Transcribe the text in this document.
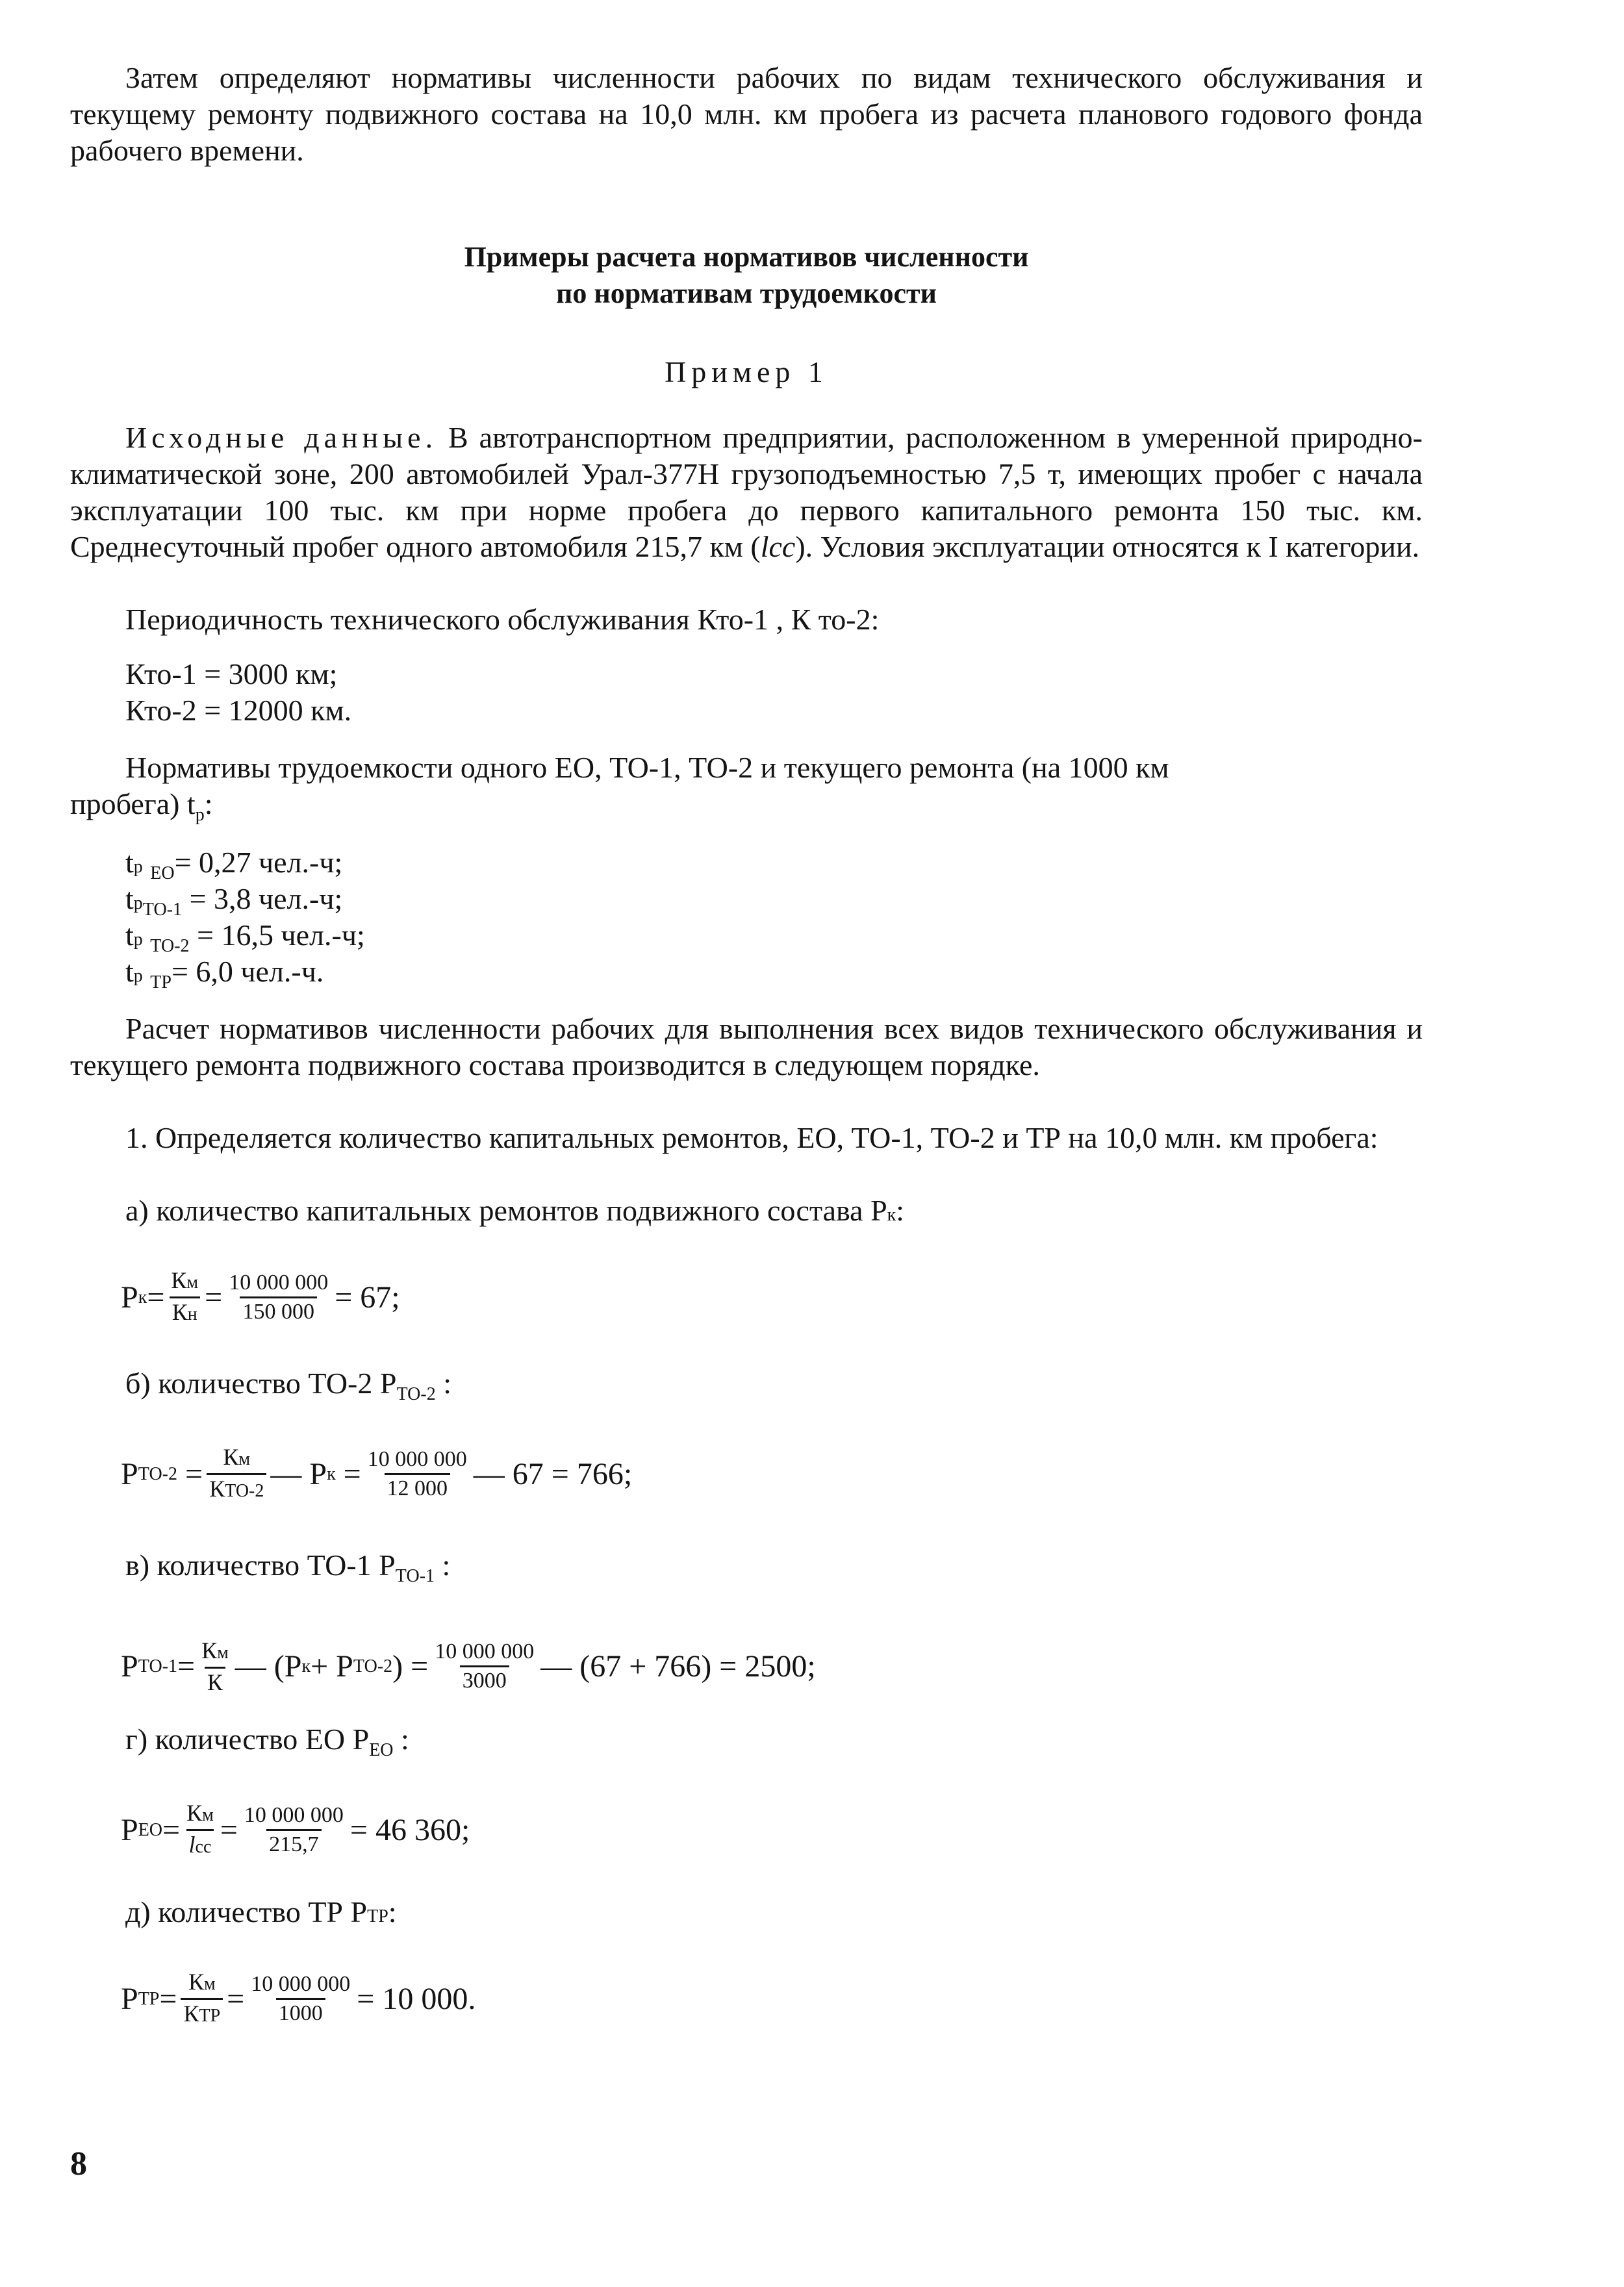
Затем определяют нормативы численности рабочих по видам технического обслуживания и текущему ремонту подвижного состава на 10,0 млн. км пробега из расчета планового годового фонда рабочего времени.

Примеры расчета нормативов численности
по нормативам трудоемкости
Пример 1

Исходные данные. В автотранспортном предприятии, расположенном в умеренной природно-климатической зоне, 200 автомобилей Урал-377Н грузоподъемностью 7,5 т, имеющих пробег с начала эксплуатации 100 тыс. км при норме пробега до первого капитального ремонта 150 тыс. км. Среднесуточный пробег одного автомобиля 215,7 км (lсс). Условия эксплуатации относятся к I категории.

Периодичность технического обслуживания Кто-1 , К то-2:
Кто-1 = 3000 км;
Кто-2 = 12000 км.
Нормативы трудоемкости одного ЕО, ТО-1, ТО-2 и текущего ремонта (на 1000 км
пробега) $t_р$:
tр $_{ЕО}$= 0,27 чел.-ч;
$tр_{ТО-1} = 3,8$ чел.-ч;
tр $_{ТО-2}$ = 16,5 чел.-ч;
tр $_{ТР}$= 6,0 чел.-ч.

Расчет нормативов численности рабочих для выполнения всех видов технического обслуживания и текущего ремонта подвижного состава производится в следующем порядке.

1. Определяется количество капитальных ремонтов, ЕО, ТО-1, ТО-2 и ТР на 10,0 млн. км пробега:

а) количество капитальных ремонтов подвижного состава Рк:
Р $к = \frac{Км}{Кн} = \frac{10 000 000}{150 000} = 67$;
б) количество ТО-2 $Р_{ТО-2}$ :
Р ТО-2
= $\frac{Км}{\text{КТО-2}}$ — Р к
= $\frac{10 000 000}{12 000}$ — 67 = 766;
в) количество ТО-1 $Р_{ТО-1}$ :
Р $ТО-1 = \frac{Км}{К}$ — (Р к + Р ТО-2 ) = $\frac{10 000 000}{3000}$ — (67 + 766) = 2500;
г) количество ЕО $Р_{ЕО}$ :
Р ЕО = $\frac{Км}{\text{lсс}} = \frac{10 000 000}{215,7} = 46$ 360;
д) количество ТР РТР:
Р ТР = $\frac{Км}{\text{КТР}} = \frac{10 000 000}{1000} = 10$ 000.
8
